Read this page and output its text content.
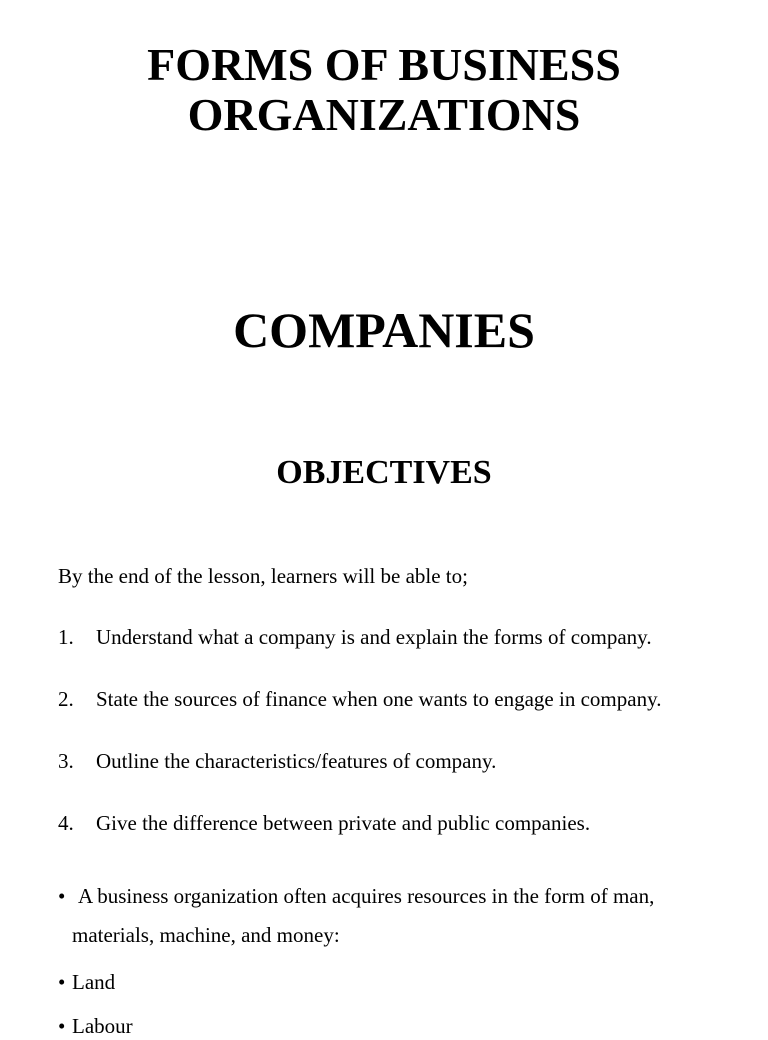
FORMS OF BUSINESS
ORGANIZATIONS
COMPANIES
OBJECTIVES

By the end of the lesson, learners will be able to;

1. Understand what a company is and explain the forms of company.

2. State the sources of finance when one wants to engage in company.

3. Outline the characteristics/features of company.

4. Give the difference between private and public companies.

• A business organization often acquires resources in the form of man,
materials, machine, and money:
• Land
• Labour
